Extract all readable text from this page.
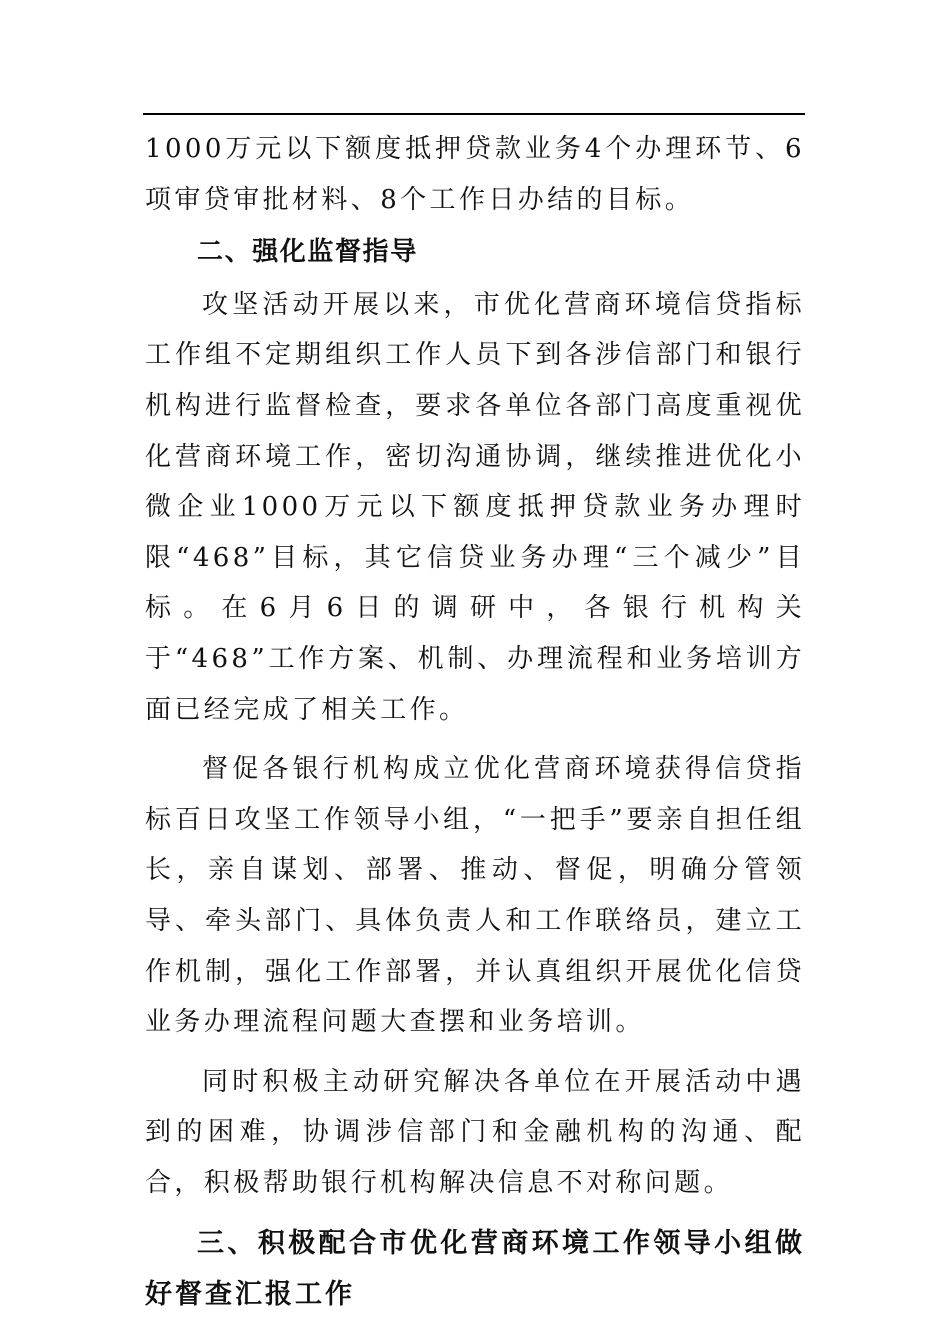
1000万元以下额度抵押贷款业务4个办理环节、6项审贷审批材料、8个工作日办结的目标。

二、强化监督指导

攻坚活动开展以来，市优化营商环境信贷指标工作组不定期组织工作人员下到各涉信部门和银行机构进行监督检查，要求各单位各部门高度重视优化营商环境工作，密切沟通协调，继续推进优化小微企业1000万元以下额度抵押贷款业务办理时限“468”目标，其它信贷业务办理“三个减少”目标。在6月6日的调研中，各银行机构关于“468”工作方案、机制、办理流程和业务培训方面已经完成了相关工作。

督促各银行机构成立优化营商环境获得信贷指标百日攻坚工作领导小组，“一把手”要亲自担任组长，亲自谋划、部署、推动、督促，明确分管领导、牵头部门、具体负责人和工作联络员，建立工作机制，强化工作部署，并认真组织开展优化信贷业务办理流程问题大查摆和业务培训。

同时积极主动研究解决各单位在开展活动中遇到的困难，协调涉信部门和金融机构的沟通、配合，积极帮助银行机构解决信息不对称问题。

三、积极配合市优化营商环境工作领导小组做好督查汇报工作
